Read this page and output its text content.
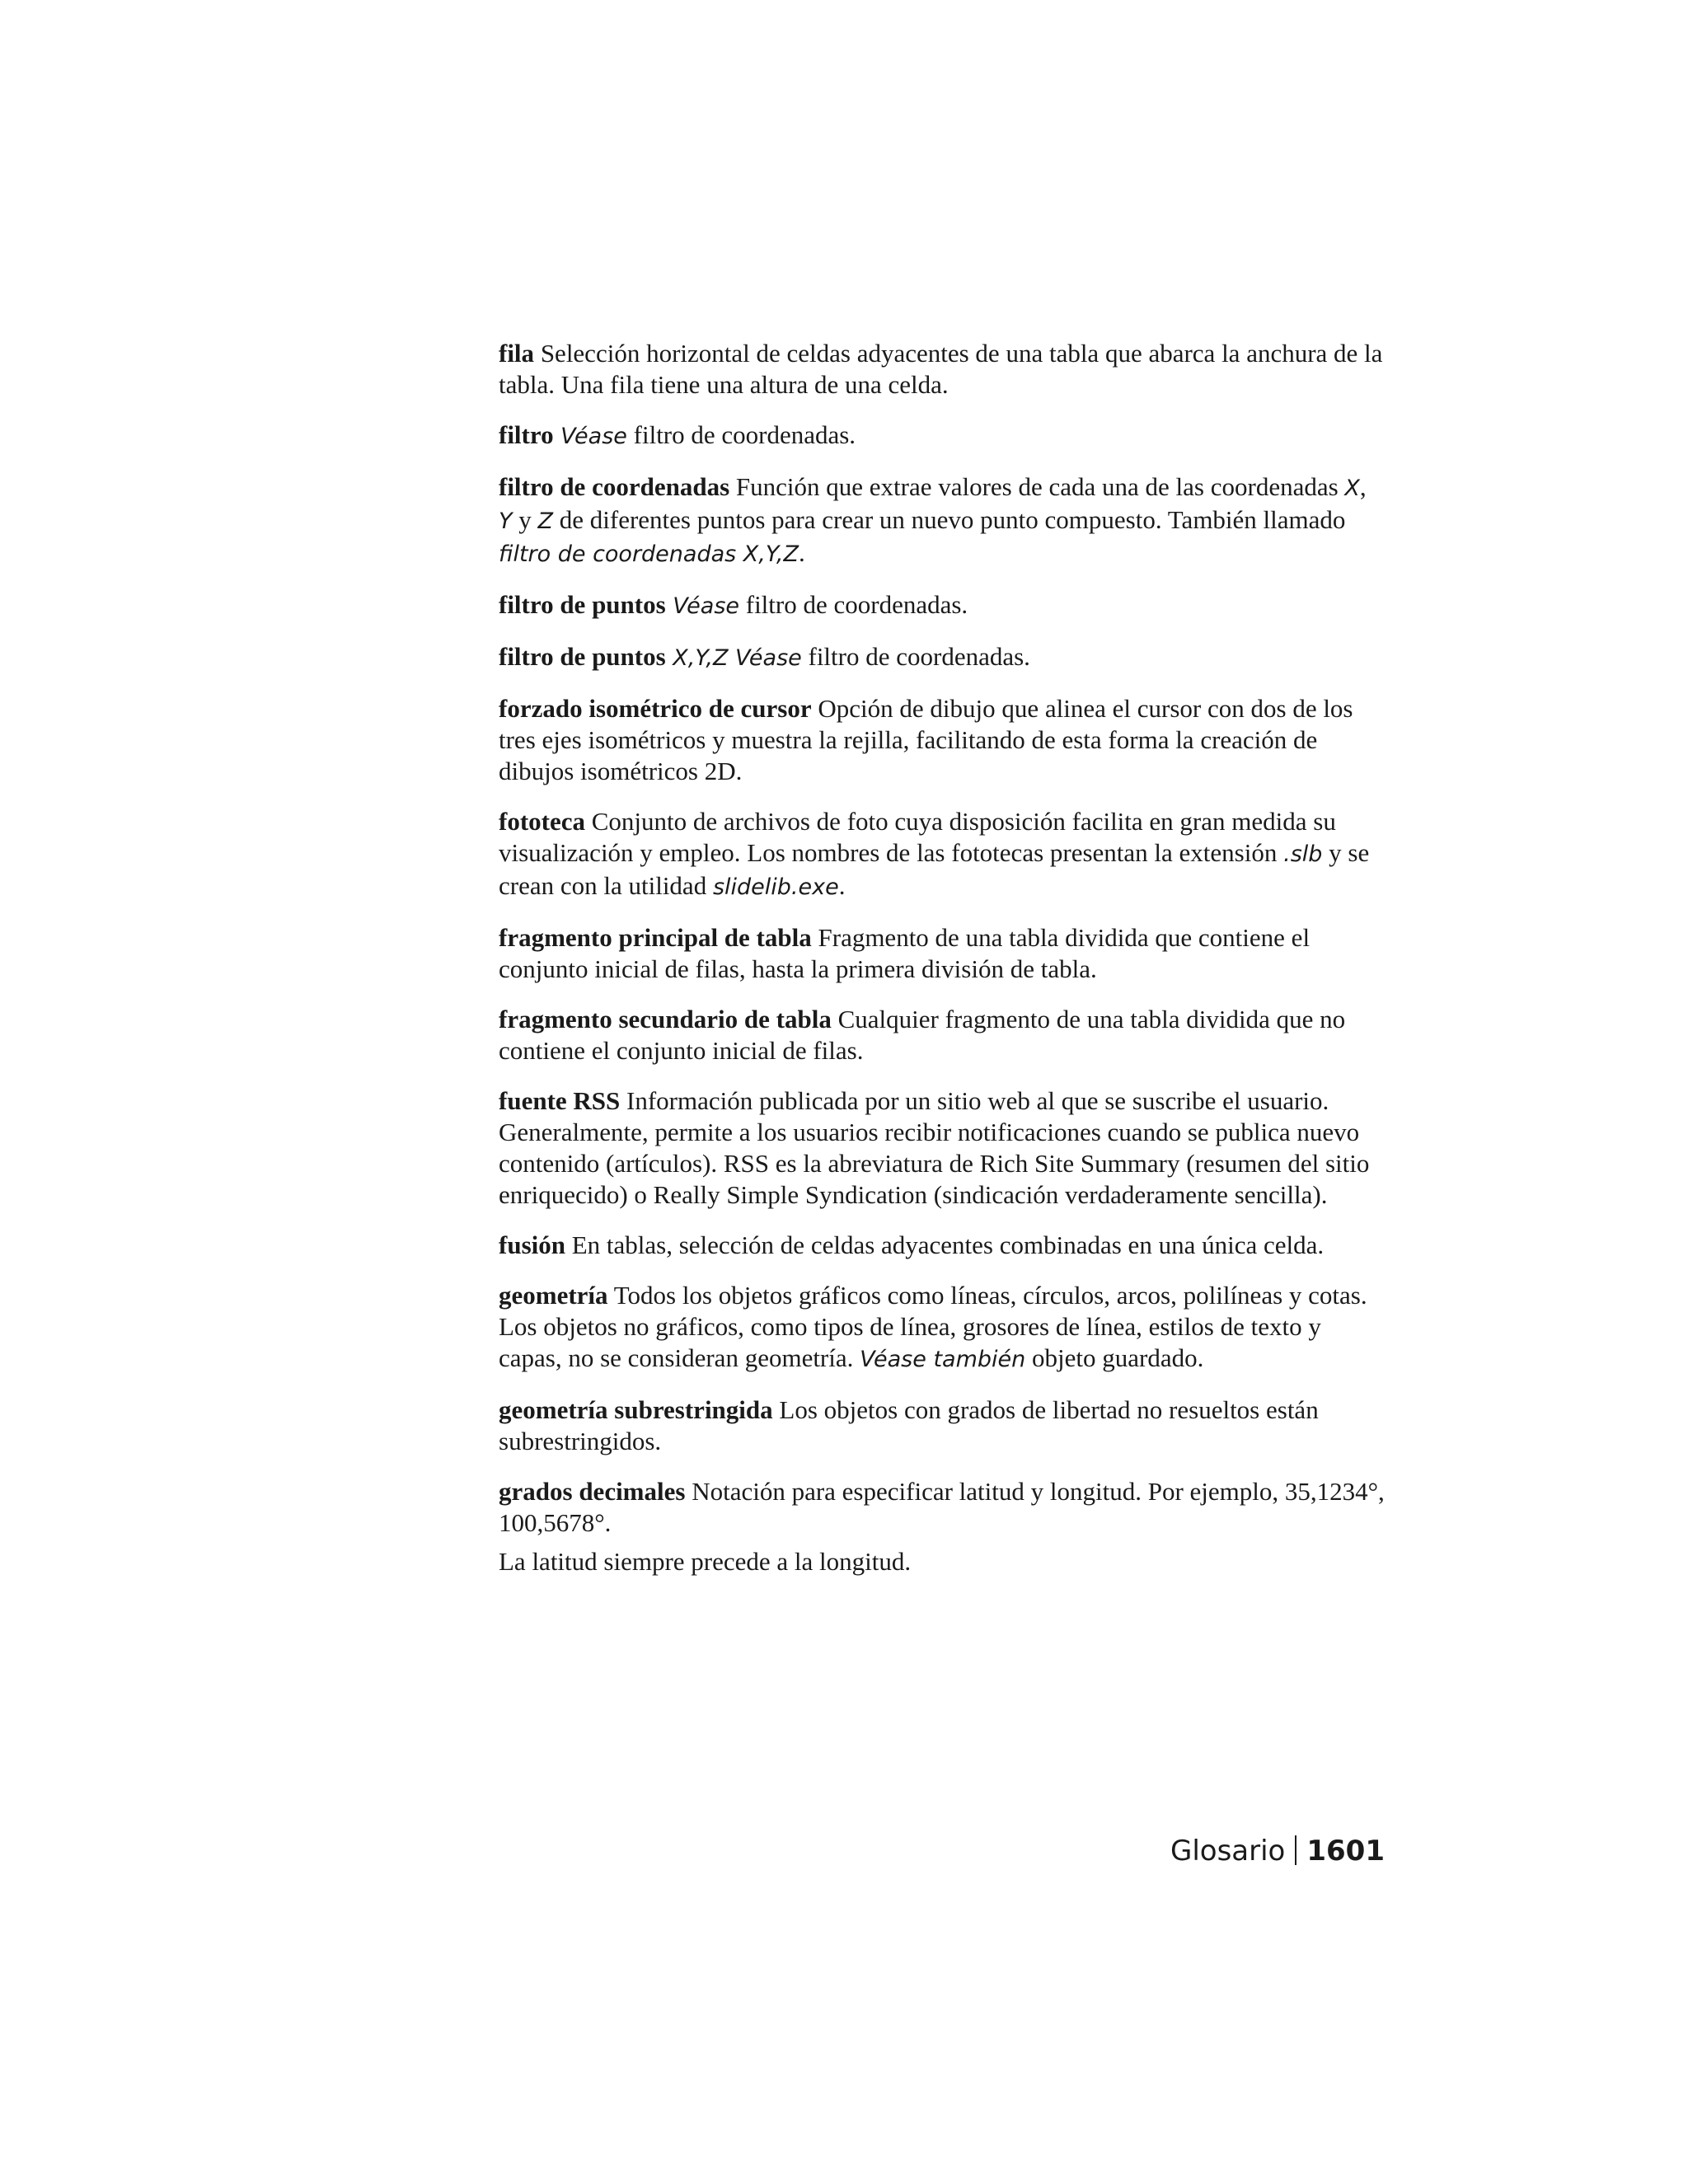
fila Selección horizontal de celdas adyacentes de una tabla que abarca la anchura de la tabla. Una fila tiene una altura de una celda.

filtro Véase filtro de coordenadas.

filtro de coordenadas Función que extrae valores de cada una de las coordenadas X, Y y Z de diferentes puntos para crear un nuevo punto compuesto. También llamado filtro de coordenadas X,Y,Z.

filtro de puntos Véase filtro de coordenadas.

filtro de puntos X,Y,Z Véase filtro de coordenadas.

forzado isométrico de cursor Opción de dibujo que alinea el cursor con dos de los tres ejes isométricos y muestra la rejilla, facilitando de esta forma la creación de dibujos isométricos 2D.

fototeca Conjunto de archivos de foto cuya disposición facilita en gran medida su visualización y empleo. Los nombres de las fototecas presentan la extensión .slb y se crean con la utilidad slidelib.exe.

fragmento principal de tabla Fragmento de una tabla dividida que contiene el conjunto inicial de filas, hasta la primera división de tabla.

fragmento secundario de tabla Cualquier fragmento de una tabla dividida que no contiene el conjunto inicial de filas.

fuente RSS Información publicada por un sitio web al que se suscribe el usuario. Generalmente, permite a los usuarios recibir notificaciones cuando se publica nuevo contenido (artículos). RSS es la abreviatura de Rich Site Summary (resumen del sitio enriquecido) o Really Simple Syndication (sindicación verdaderamente sencilla).

fusión En tablas, selección de celdas adyacentes combinadas en una única celda.

geometría Todos los objetos gráficos como líneas, círculos, arcos, polilíneas y cotas. Los objetos no gráficos, como tipos de línea, grosores de línea, estilos de texto y capas, no se consideran geometría. Véase también objeto guardado.

geometría subrestringida Los objetos con grados de libertad no resueltos están subrestringidos.

grados decimales Notación para especificar latitud y longitud. Por ejemplo, 35,1234°, 100,5678°.

La latitud siempre precede a la longitud.

Glosario 1601
